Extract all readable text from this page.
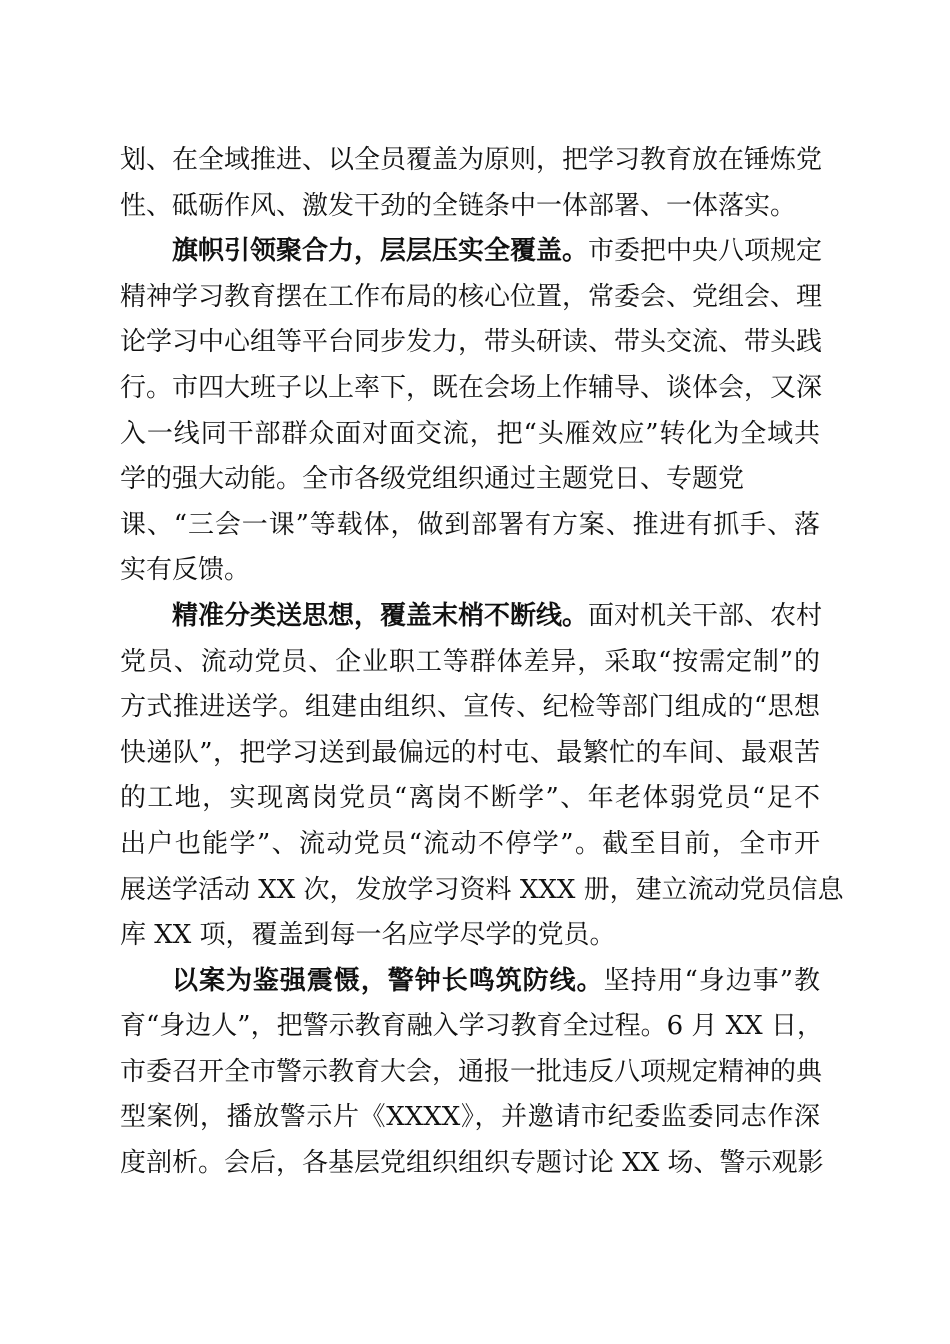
划、在全域推进、以全员覆盖为原则，把学习教育放在锤炼党
性、砥砺作风、激发干劲的全链条中一体部署、一体落实。
旗帜引领聚合力，层层压实全覆盖。市委把中央八项规定
精神学习教育摆在工作布局的核心位置，常委会、党组会、理
论学习中心组等平台同步发力，带头研读、带头交流、带头践
行。市四大班子以上率下，既在会场上作辅导、谈体会，又深
入一线同干部群众面对面交流，把“头雁效应”转化为全域共
学的强大动能。全市各级党组织通过主题党日、专题党
课、“三会一课”等载体，做到部署有方案、推进有抓手、落
实有反馈。
精准分类送思想，覆盖末梢不断线。面对机关干部、农村
党员、流动党员、企业职工等群体差异，采取“按需定制”的
方式推进送学。组建由组织、宣传、纪检等部门组成的“思想
快递队”，把学习送到最偏远的村屯、最繁忙的车间、最艰苦
的工地，实现离岗党员“离岗不断学”、年老体弱党员“足不
出户也能学”、流动党员“流动不停学”。截至目前，全市开
展送学活动 XX 次，发放学习资料 XXX 册，建立流动党员信息
库 XX 项，覆盖到每一名应学尽学的党员。
以案为鉴强震慑，警钟长鸣筑防线。坚持用“身边事”教
育“身边人”，把警示教育融入学习教育全过程。6 月 XX 日，
市委召开全市警示教育大会，通报一批违反八项规定精神的典
型案例，播放警示片《XXXX》，并邀请市纪委监委同志作深
度剖析。会后，各基层党组织组织专题讨论 XX 场、警示观影
